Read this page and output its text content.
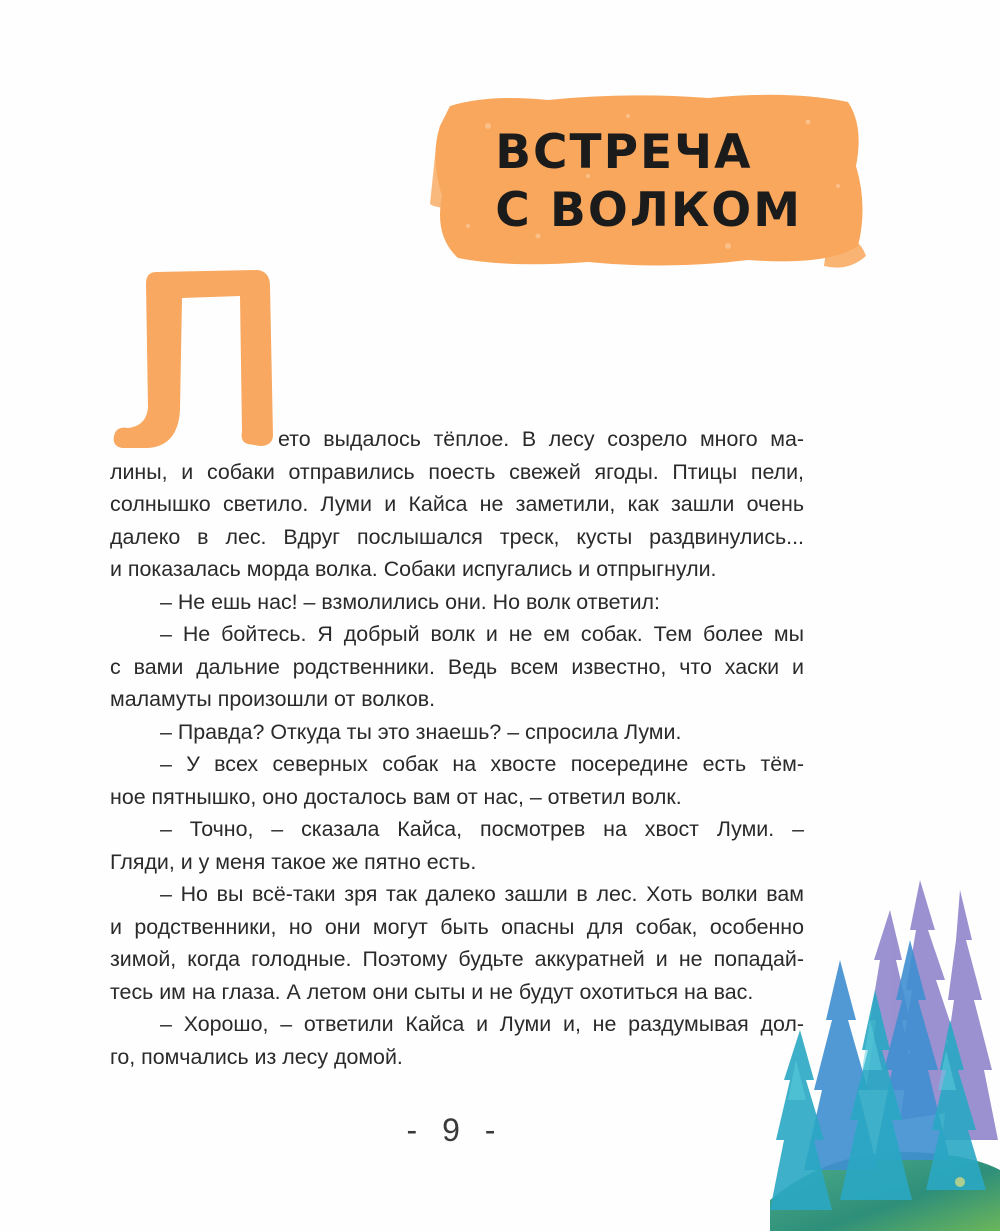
ВСТРЕЧА
С ВОЛКОМ

ето выдалось тёплое. В лесу созрело много ма-

лины, и собаки отправились поесть свежей ягоды. Птицы пели,

солнышко светило. Луми и Кайса не заметили, как зашли очень

далеко в лес. Вдруг послышался треск, кусты раздвинулись...

и показалась морда волка. Собаки испугались и отпрыгнули.

– Не ешь нас! – взмолились они. Но волк ответил:

– Не бойтесь. Я добрый волк и не ем собак. Тем более мы

с вами дальние родственники. Ведь всем известно, что хаски и

маламуты произошли от волков.

– Правда? Откуда ты это знаешь? – спросила Луми.

– У всех северных собак на хвосте посередине есть тём-

ное пятнышко, оно досталось вам от нас, – ответил волк.

– Точно, – сказала Кайса, посмотрев на хвост Луми. –

Гляди, и у меня такое же пятно есть.

– Но вы всё-таки зря так далеко зашли в лес. Хоть волки вам

и родственники, но они могут быть опасны для собак, особенно

зимой, когда голодные. Поэтому будьте аккуратней и не попадай-

тесь им на глаза. А летом они сыты и не будут охотиться на вас.

– Хорошо, – ответили Кайса и Луми и, не раздумывая дол-

го, помчались из лесу домой.

- 9 -
